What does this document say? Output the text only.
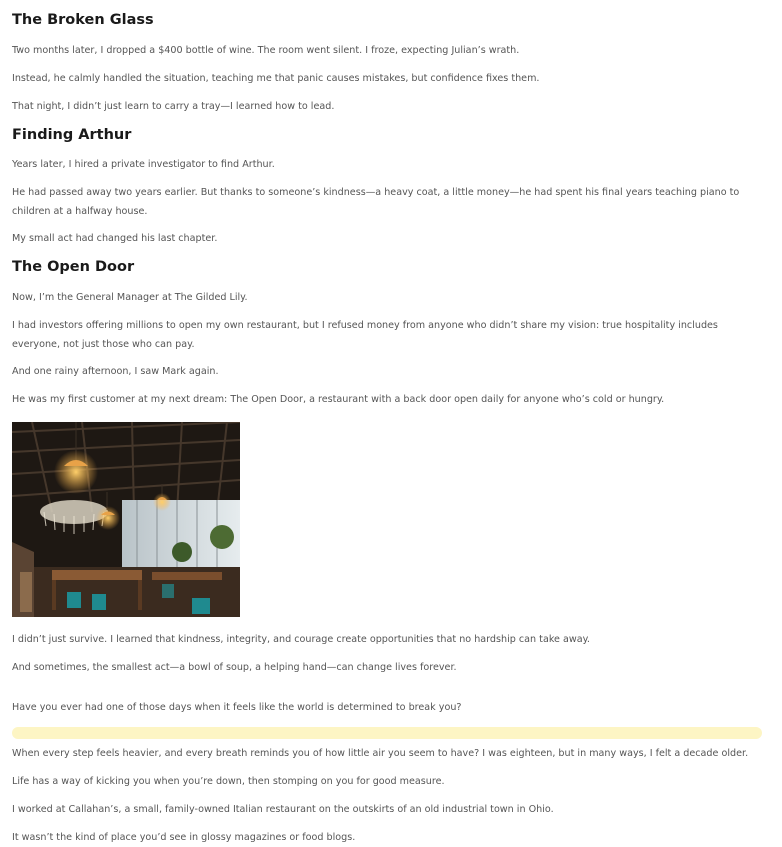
The Broken Glass

Two months later, I dropped a $400 bottle of wine. The room went silent. I froze, expecting Julian’s wrath.

Instead, he calmly handled the situation, teaching me that panic causes mistakes, but confidence fixes them.

That night, I didn’t just learn to carry a tray—I learned how to lead.

Finding Arthur

Years later, I hired a private investigator to find Arthur.

He had passed away two years earlier. But thanks to someone’s kindness—a heavy coat, a little money—he had spent his final years teaching piano to children at a halfway house.

My small act had changed his last chapter.

The Open Door

Now, I’m the General Manager at The Gilded Lily.

I had investors offering millions to open my own restaurant, but I refused money from anyone who didn’t share my vision: true hospitality includes everyone, not just those who can pay.

And one rainy afternoon, I saw Mark again.

He was my first customer at my next dream: The Open Door, a restaurant with a back door open daily for anyone who’s cold or hungry.

I didn’t just survive. I learned that kindness, integrity, and courage create opportunities that no hardship can take away.

And sometimes, the smallest act—a bowl of soup, a helping hand—can change lives forever.

Have you ever had one of those days when it feels like the world is determined to break you?

When every step feels heavier, and every breath reminds you of how little air you seem to have? I was eighteen, but in many ways, I felt a decade older.

Life has a way of kicking you when you’re down, then stomping on you for good measure.

I worked at Callahan’s, a small, family-owned Italian restaurant on the outskirts of an old industrial town in Ohio.

It wasn’t the kind of place you’d see in glossy magazines or food blogs.
